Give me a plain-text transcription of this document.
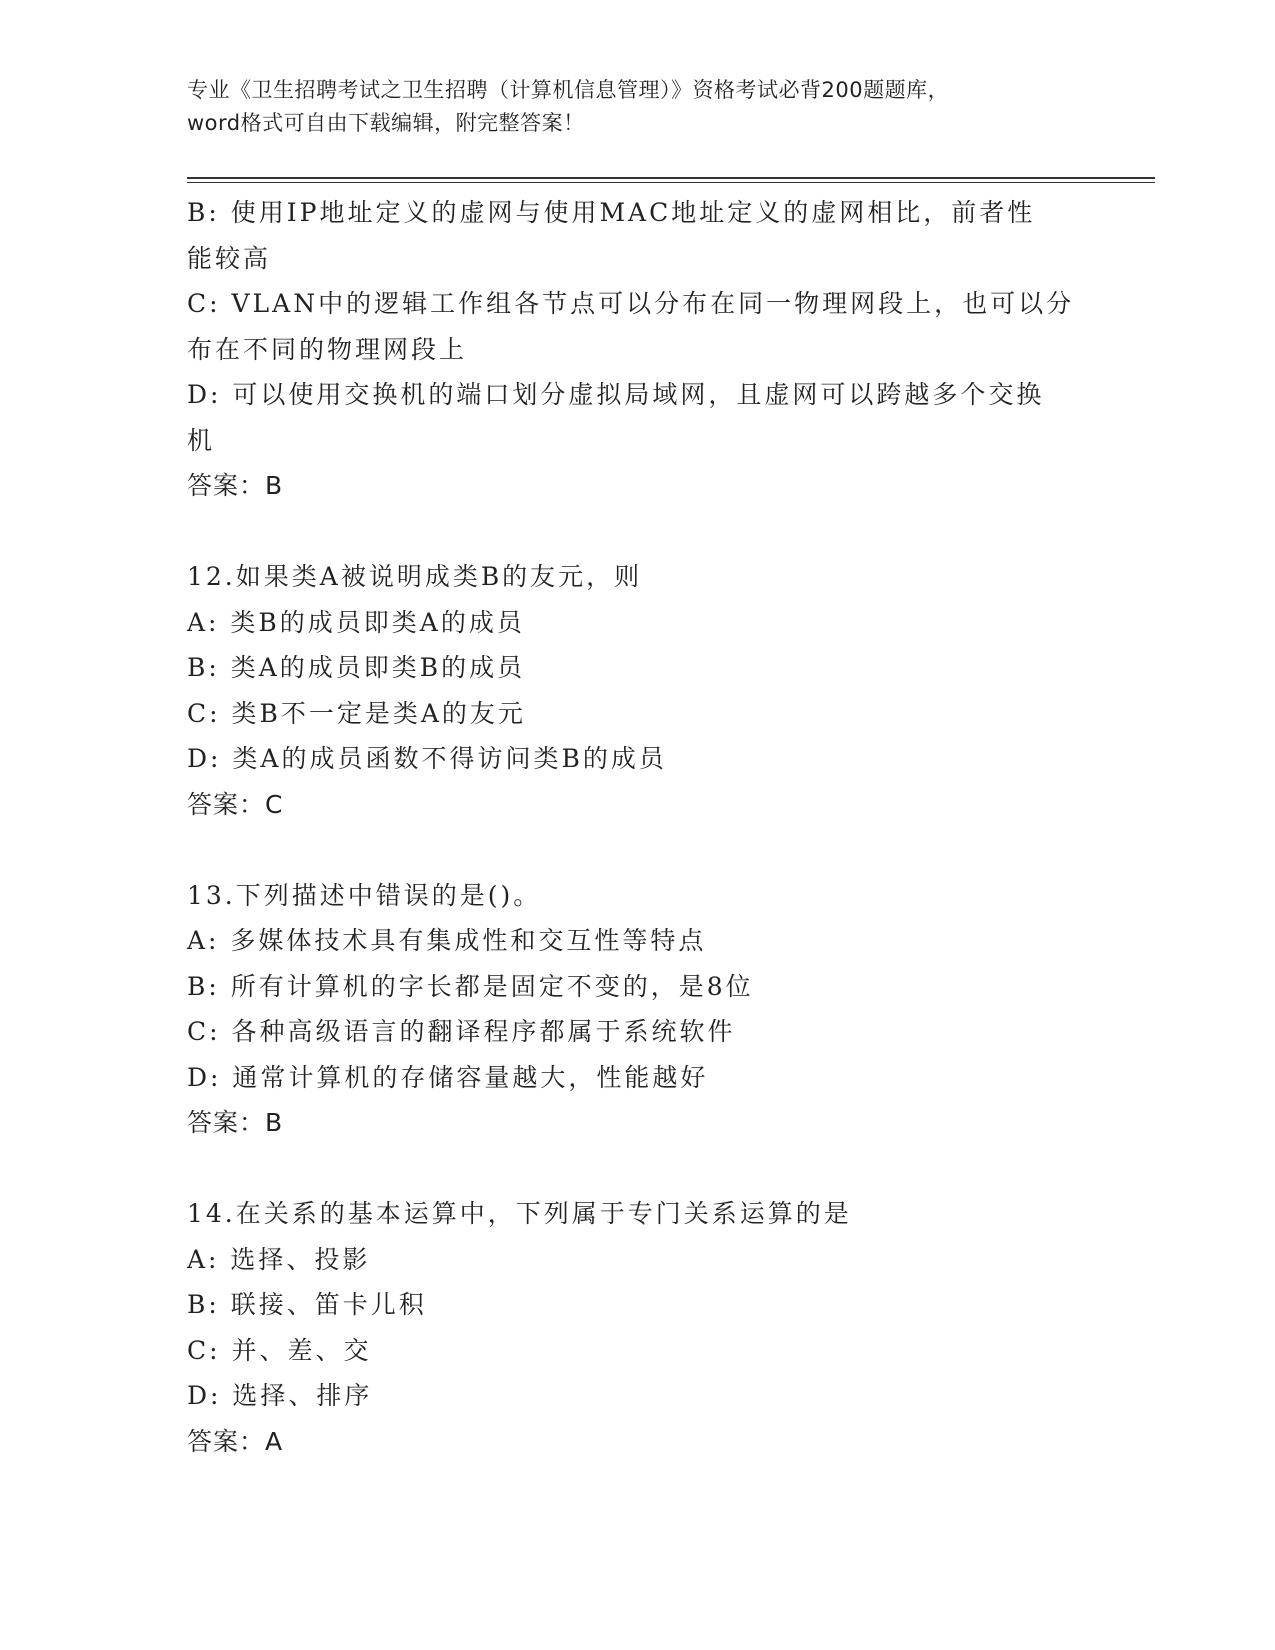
专业《卫生招聘考试之卫生招聘（计算机信息管理）》资格考试必背200题题库，
word格式可自由下载编辑，附完整答案！
B: 使用IP地址定义的虚网与使用MAC地址定义的虚网相比，前者性
能较高
C: VLAN中的逻辑工作组各节点可以分布在同一物理网段上，也可以分
布在不同的物理网段上
D: 可以使用交换机的端口划分虚拟局域网，且虚网可以跨越多个交换
机
答案：B
12.如果类A被说明成类B的友元，则
A: 类B的成员即类A的成员
B: 类A的成员即类B的成员
C: 类B不一定是类A的友元
D: 类A的成员函数不得访问类B的成员
答案：C
13.下列描述中错误的是()。
A: 多媒体技术具有集成性和交互性等特点
B: 所有计算机的字长都是固定不变的，是8位
C: 各种高级语言的翻译程序都属于系统软件
D: 通常计算机的存储容量越大，性能越好
答案：B
14.在关系的基本运算中，下列属于专门关系运算的是
A: 选择、投影
B: 联接、笛卡儿积
C: 并、差、交
D: 选择、排序
答案：A
